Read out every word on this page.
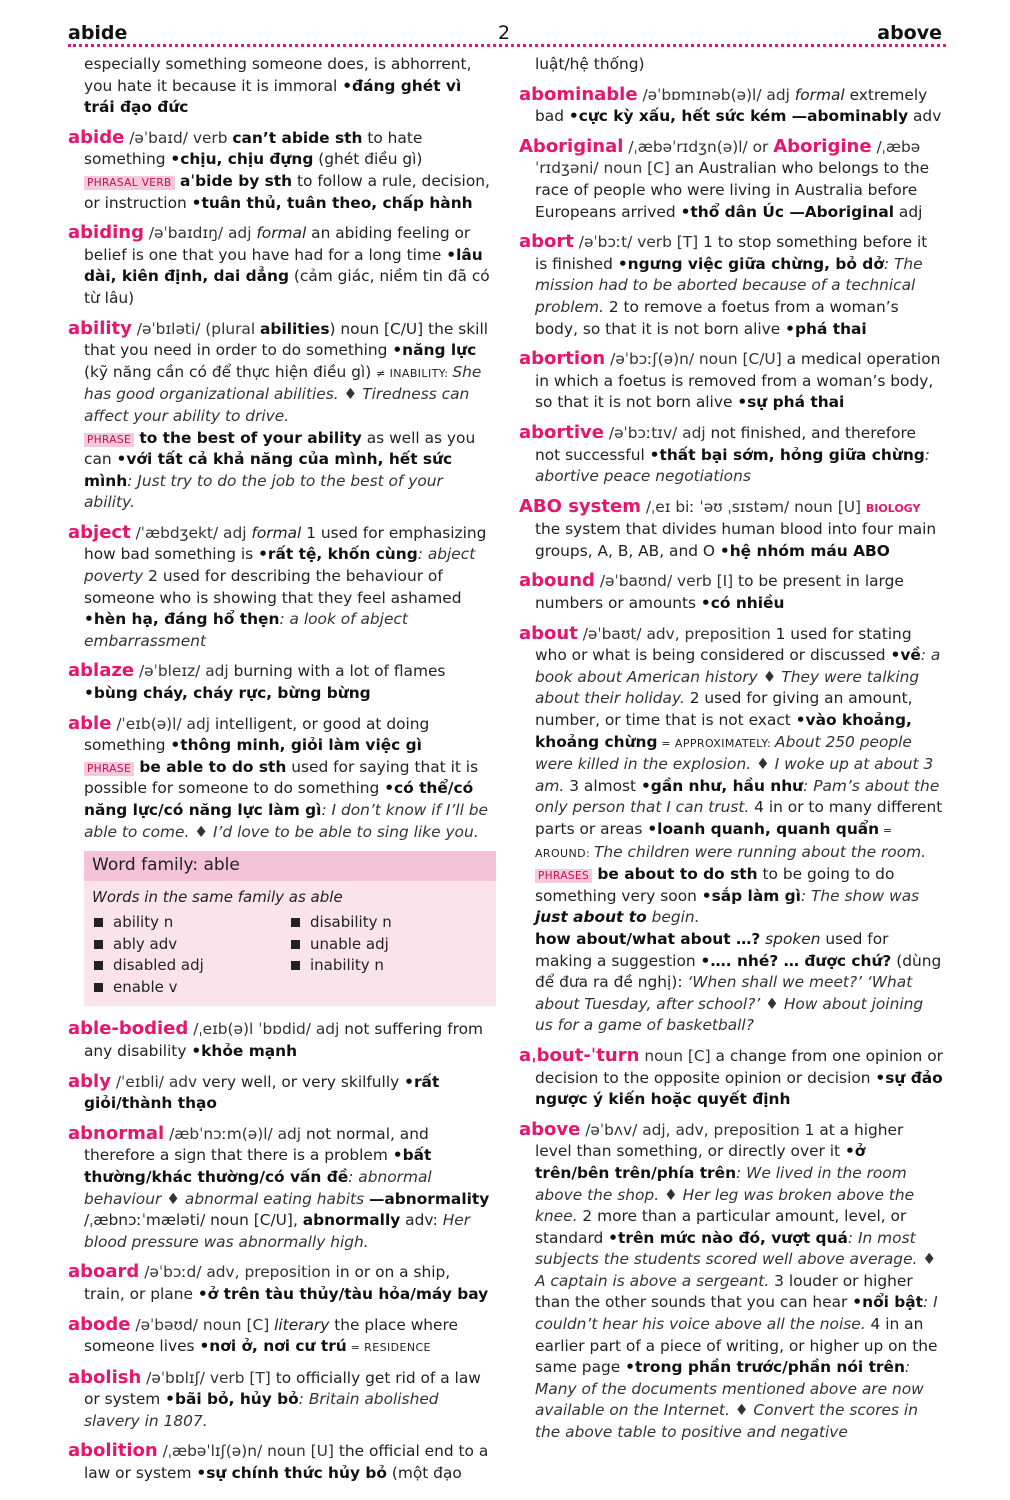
abide	2	above
especially something someone does, is abhorrent, you hate it because it is immoral •đáng ghét vì trái đạo đức
abide /əˈbaɪd/ verb can’t abide sth to hate something •chịu, chịu đựng (ghét điều gì) PHRASAL VERB aˈbide by sth to follow a rule, decision, or instruction •tuân thủ, tuân theo, chấp hành
abiding /əˈbaɪdɪŋ/ adj formal an abiding feeling or belief is one that you have had for a long time •lâu dài, kiên định, dai dẳng (cảm giác, niềm tin đã có từ lâu)
ability /əˈbɪləti/ (plural abilities) noun [C/U] the skill that you need in order to do something •năng lực (kỹ năng cần có để thực hiện điều gì) ≠ INABILITY: She has good organizational abilities. ♦ Tiredness can affect your ability to drive.
PHRASE to the best of your ability as well as you can •với tất cả khả năng của mình, hết sức mình: Just try to do the job to the best of your ability.
abject /ˈæbdʒekt/ adj formal 1 used for emphasizing how bad something is •rất tệ, khốn cùng: abject poverty 2 used for describing the behaviour of someone who is showing that they feel ashamed •hèn hạ, đáng hổ thẹn: a look of abject embarrassment
ablaze /əˈbleɪz/ adj burning with a lot of flames •bùng cháy, cháy rực, bừng bừng
able /ˈeɪb(ə)l/ adj intelligent, or good at doing something •thông minh, giỏi làm việc gì
PHRASE be able to do sth used for saying that it is possible for someone to do something •có thể/có năng lực/có năng lực làm gì: I don’t know if I’ll be able to come. ♦ I’d love to be able to sing like you.
Word family: able
Words in the same family as able
ability n	disability n
ably adv	unable adj
disabled adj	inability n
enable v
able-bodied /ˌeɪb(ə)l ˈbɒdid/ adj not suffering from any disability •khỏe mạnh
ably /ˈeɪbli/ adv very well, or very skilfully •rất giỏi/thành thạo
abnormal /æbˈnɔːm(ə)l/ adj not normal, and therefore a sign that there is a problem •bất thường/khác thường/có vấn đề: abnormal behaviour ♦ abnormal eating habits —abnormality /ˌæbnɔːˈmæləti/ noun [C/U], abnormally adv: Her blood pressure was abnormally high.
aboard /əˈbɔːd/ adv, preposition in or on a ship, train, or plane •ở trên tàu thủy/tàu hỏa/máy bay
abode /əˈbəʊd/ noun [C] literary the place where someone lives •nơi ở, nơi cư trú = RESIDENCE
abolish /əˈbɒlɪʃ/ verb [T] to officially get rid of a law or system •bãi bỏ, hủy bỏ: Britain abolished slavery in 1807.
abolition /ˌæbəˈlɪʃ(ə)n/ noun [U] the official end to a law or system •sự chính thức hủy bỏ (một đạo
luật/hệ thống)
abominable /əˈbɒmɪnəb(ə)l/ adj formal extremely bad •cực kỳ xấu, hết sức kém —abominably adv
Aboriginal /ˌæbəˈrɪdʒn(ə)l/ or Aborigine /ˌæbəˈrɪdʒəni/ noun [C] an Australian who belongs to the race of people who were living in Australia before Europeans arrived •thổ dân Úc —Aboriginal adj
abort /əˈbɔːt/ verb [T] 1 to stop something before it is finished •ngưng việc giữa chừng, bỏ dở: The mission had to be aborted because of a technical problem. 2 to remove a foetus from a woman’s body, so that it is not born alive •phá thai
abortion /əˈbɔːʃ(ə)n/ noun [C/U] a medical operation in which a foetus is removed from a woman’s body, so that it is not born alive •sự phá thai
abortive /əˈbɔːtɪv/ adj not finished, and therefore not successful •thất bại sớm, hỏng giữa chừng: abortive peace negotiations
ABO system /ˌeɪ biː ˈəʊ ˌsɪstəm/ noun [U] BIOLOGY the system that divides human blood into four main groups, A, B, AB, and O •hệ nhóm máu ABO
abound /əˈbaʊnd/ verb [I] to be present in large numbers or amounts •có nhiều
about /əˈbaʊt/ adv, preposition 1 used for stating who or what is being considered or discussed •về: a book about American history ♦ They were talking about their holiday. 2 used for giving an amount, number, or time that is not exact •vào khoảng, khoảng chừng = APPROXIMATELY: About 250 people were killed in the explosion. ♦ I woke up at about 3 am. 3 almost •gần như, hầu như: Pam’s about the only person that I can trust. 4 in or to many different parts or areas •loanh quanh, quanh quẩn = AROUND: The children were running about the room.
PHRASES be about to do sth to be going to do something very soon •sắp làm gì: The show was just about to begin.
how about/what about …? spoken used for making a suggestion •…. nhé? … được chứ? (dùng để đưa ra đề nghị): ‘When shall we meet?’ ‘What about Tuesday, after school?’ ♦ How about joining us for a game of basketball?
aˌbout-ˈturn noun [C] a change from one opinion or decision to the opposite opinion or decision •sự đảo ngược ý kiến hoặc quyết định
above /əˈbʌv/ adj, adv, preposition 1 at a higher level than something, or directly over it •ở trên/bên trên/phía trên: We lived in the room above the shop. ♦ Her leg was broken above the knee. 2 more than a particular amount, level, or standard •trên mức nào đó, vượt quá: In most subjects the students scored well above average. ♦ A captain is above a sergeant. 3 louder or higher than the other sounds that you can hear •nổi bật: I couldn’t hear his voice above all the noise. 4 in an earlier part of a piece of writing, or higher up on the same page •trong phần trước/phần nói trên: Many of the documents mentioned above are now available on the Internet. ♦ Convert the scores in the above table to positive and negative
